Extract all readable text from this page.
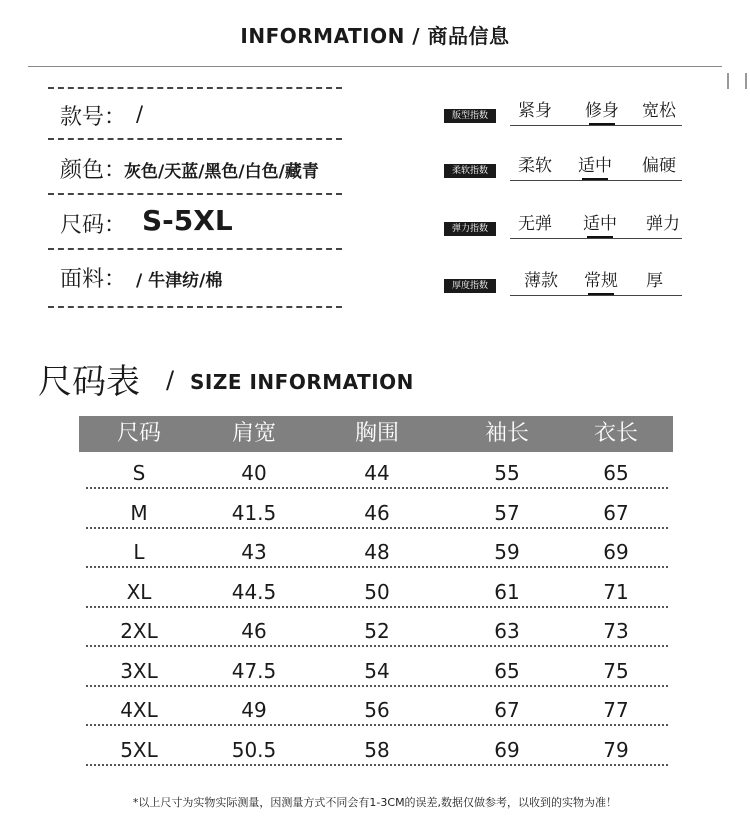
INFORMATION / 商品信息
款号： /
颜色：
灰色/天蓝/黑色/白色/藏青
尺码： S-5XL
面料： / 牛津纺/棉
版型指数	紧身 修身 宽松
柔软指数	柔软 适中 偏硬
弹力指数	无弹 适中 弹力
厚度指数	薄款 常规 厚
尺码表 / SIZE INFORMATION
尺码	肩宽	胸围	袖长	衣长
S	40	44	55	65
M	41.5	46	57	67
L	43	48	59	69
XL	44.5	50	61	71
2XL	46	52	63	73
3XL	47.5	54	65	75
4XL	49	56	67	77
5XL	50.5	58	69	79
*以上尺寸为实物实际测量，因测量方式不同会有1-3CM的误差,数据仅做参考，以收到的实物为准！
